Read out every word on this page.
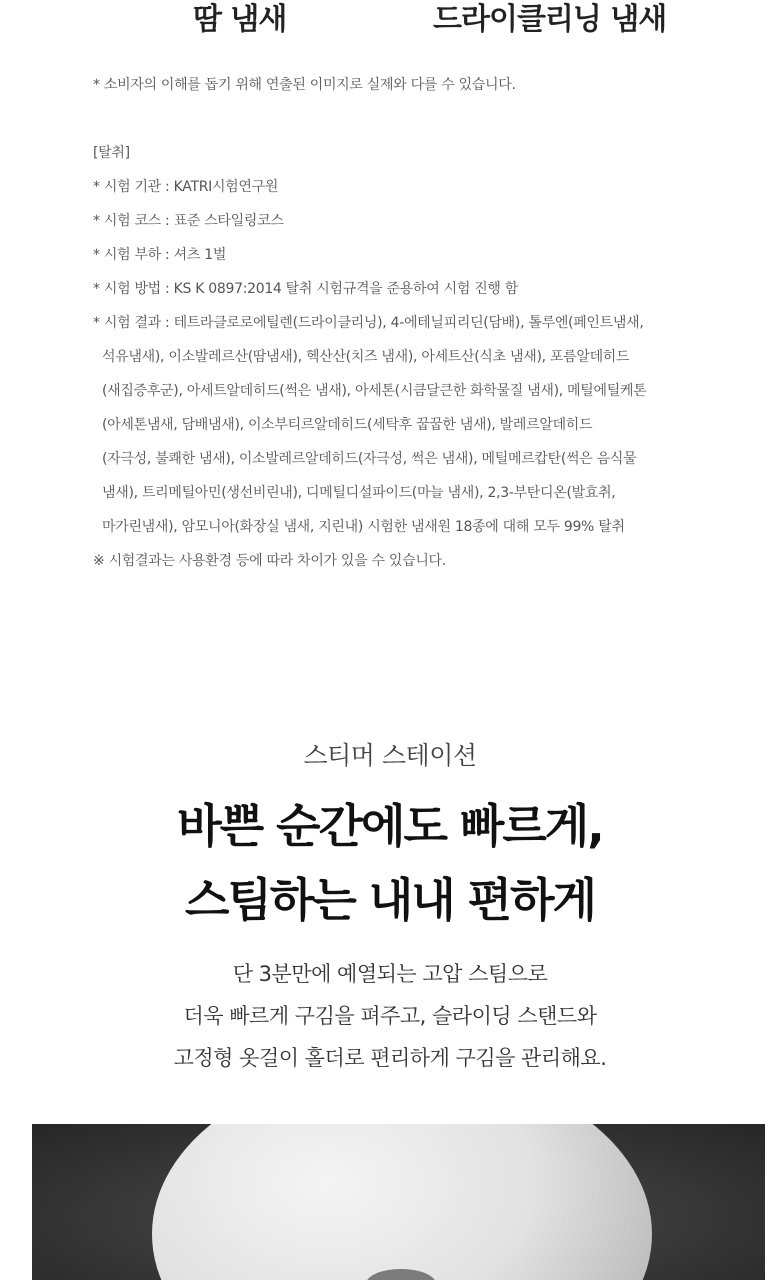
땀 냄새	드라이클리닝 냄새
* 소비자의 이해를 돕기 위해 연출된 이미지로 실제와 다를 수 있습니다.
[탈취]
* 시험 기관 : KATRI시험연구원
* 시험 코스 : 표준 스타일링코스
* 시험 부하 : 셔츠 1벌
* 시험 방법 : KS K 0897:2014 탈취 시험규격을 준용하여 시험 진행 함
* 시험 결과 : 테트라클로로에틸렌(드라이클리닝), 4-에테닐피리딘(담배), 톨루엔(페인트냄새,
석유냄새), 이소발레르산(땀냄새), 헥산산(치즈 냄새), 아세트산(식초 냄새), 포름알데히드
(새집증후군), 아세트알데히드(썩은 냄새), 아세톤(시큼달큰한 화학물질 냄새), 메틸에틸케톤
(아세톤냄새, 담배냄새), 이소부티르알데히드(세탁후 꿉꿉한 냄새), 발레르알데히드
(자극성, 불쾌한 냄새), 이소발레르알데히드(자극성, 썩은 냄새), 메틸메르캅탄(썩은 음식물
냄새), 트리메틸아민(생선비린내), 디메틸디설파이드(마늘 냄새), 2,3-부탄디온(발효취,
마가린냄새), 암모니아(화장실 냄새, 지린내) 시험한 냄새원 18종에 대해 모두 99% 탈취
※ 시험결과는 사용환경 등에 따라 차이가 있을 수 있습니다.
스티머 스테이션
바쁜 순간에도 빠르게,
스팀하는 내내 편하게
단 3분만에 예열되는 고압 스팀으로
더욱 빠르게 구김을 펴주고, 슬라이딩 스탠드와
고정형 옷걸이 홀더로 편리하게 구김을 관리해요.
